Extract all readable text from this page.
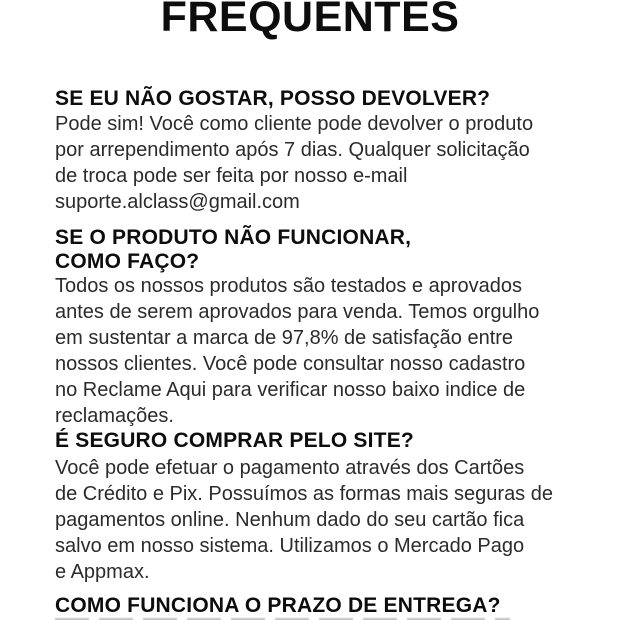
FREQUENTES
SE EU NÃO GOSTAR, POSSO DEVOLVER?

Pode sim! Você como cliente pode devolver o produto
por arrependimento após 7 dias. Qualquer solicitação
de troca pode ser feita por nosso e-mail
suporte.alclass@gmail.com

SE O PRODUTO NÃO FUNCIONAR,
COMO FAÇO?

Todos os nossos produtos são testados e aprovados
antes de serem aprovados para venda. Temos orgulho
em sustentar a marca de 97,8% de satisfação entre
nossos clientes. Você pode consultar nosso cadastro
no Reclame Aqui para verificar nosso baixo indice de
reclamações.

É SEGURO COMPRAR PELO SITE?

Você pode efetuar o pagamento através dos Cartões
de Crédito e Pix. Possuímos as formas mais seguras de
pagamentos online. Nenhum dado do seu cartão fica
salvo em nosso sistema. Utilizamos o Mercado Pago
e Appmax.

COMO FUNCIONA O PRAZO DE ENTREGA?
